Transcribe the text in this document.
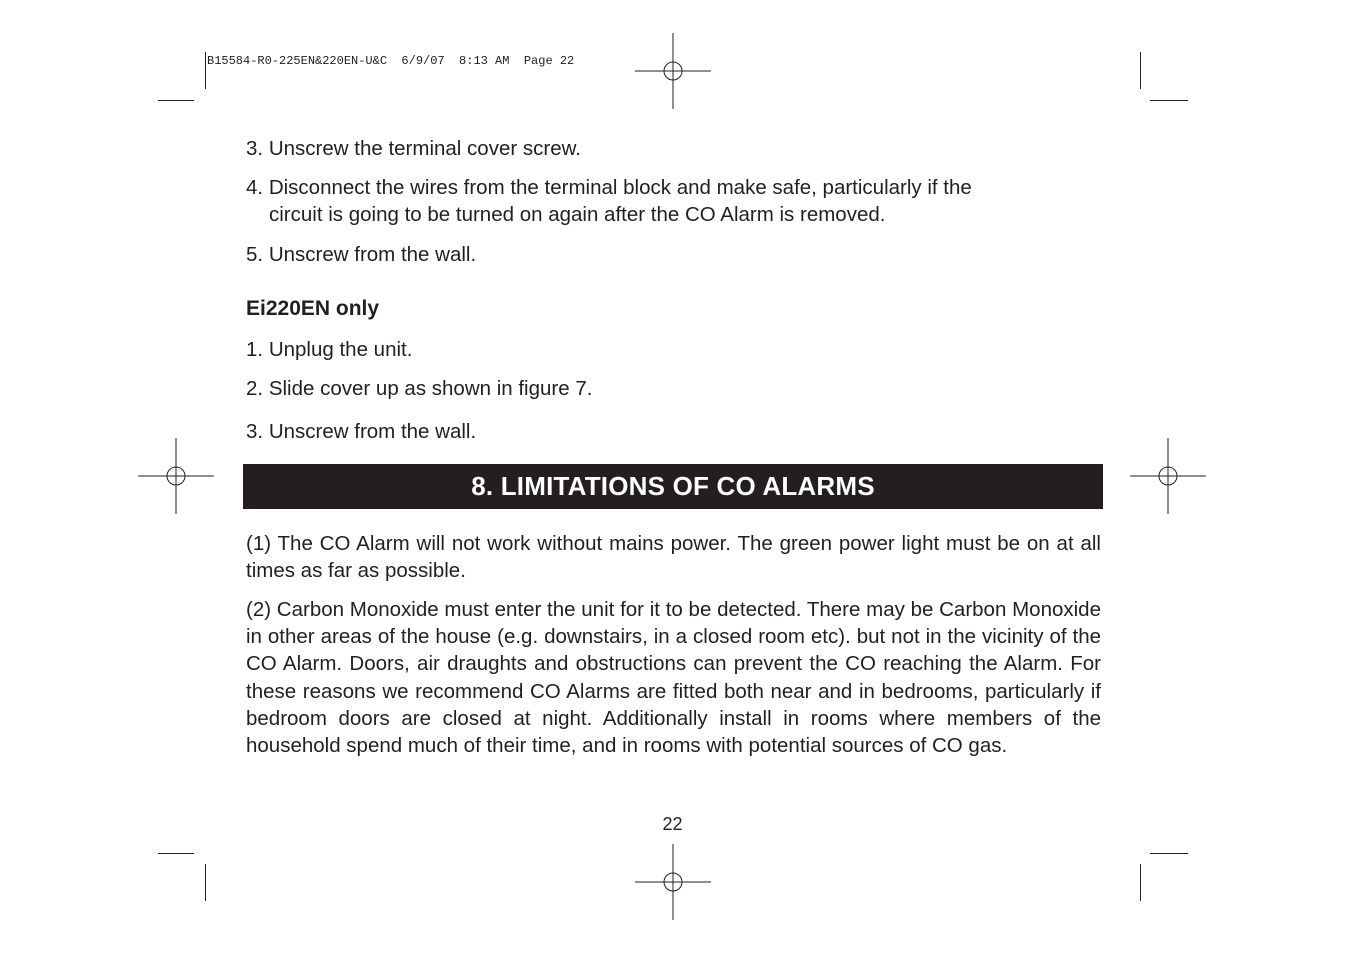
B15584-R0-225EN&220EN-U&C  6/9/07  8:13 AM  Page 22

3. Unscrew the terminal cover screw.

4. Disconnect the wires from the terminal block and make safe, particularly if the

circuit is going to be turned on again after the CO Alarm is removed.

5. Unscrew from the wall.

Ei220EN only

1. Unplug the unit.

2. Slide cover up as shown in figure 7.

3. Unscrew from the wall.

8. LIMITATIONS OF CO ALARMS

(1) The CO Alarm will not work without mains power. The green power light must be on at all times as far as possible.

(2) Carbon Monoxide must enter the unit for it to be detected. There may be Carbon Monoxide in other areas of the house (e.g. downstairs, in a closed room etc). but not in the vicinity of the CO Alarm. Doors, air draughts and obstructions can prevent the CO reaching the Alarm. For these reasons we recommend CO Alarms are fitted both near and in bedrooms, particularly if bedroom doors are closed at night. Additionally install in rooms where members of the household spend much of their time, and in rooms with potential sources of CO gas.

22
